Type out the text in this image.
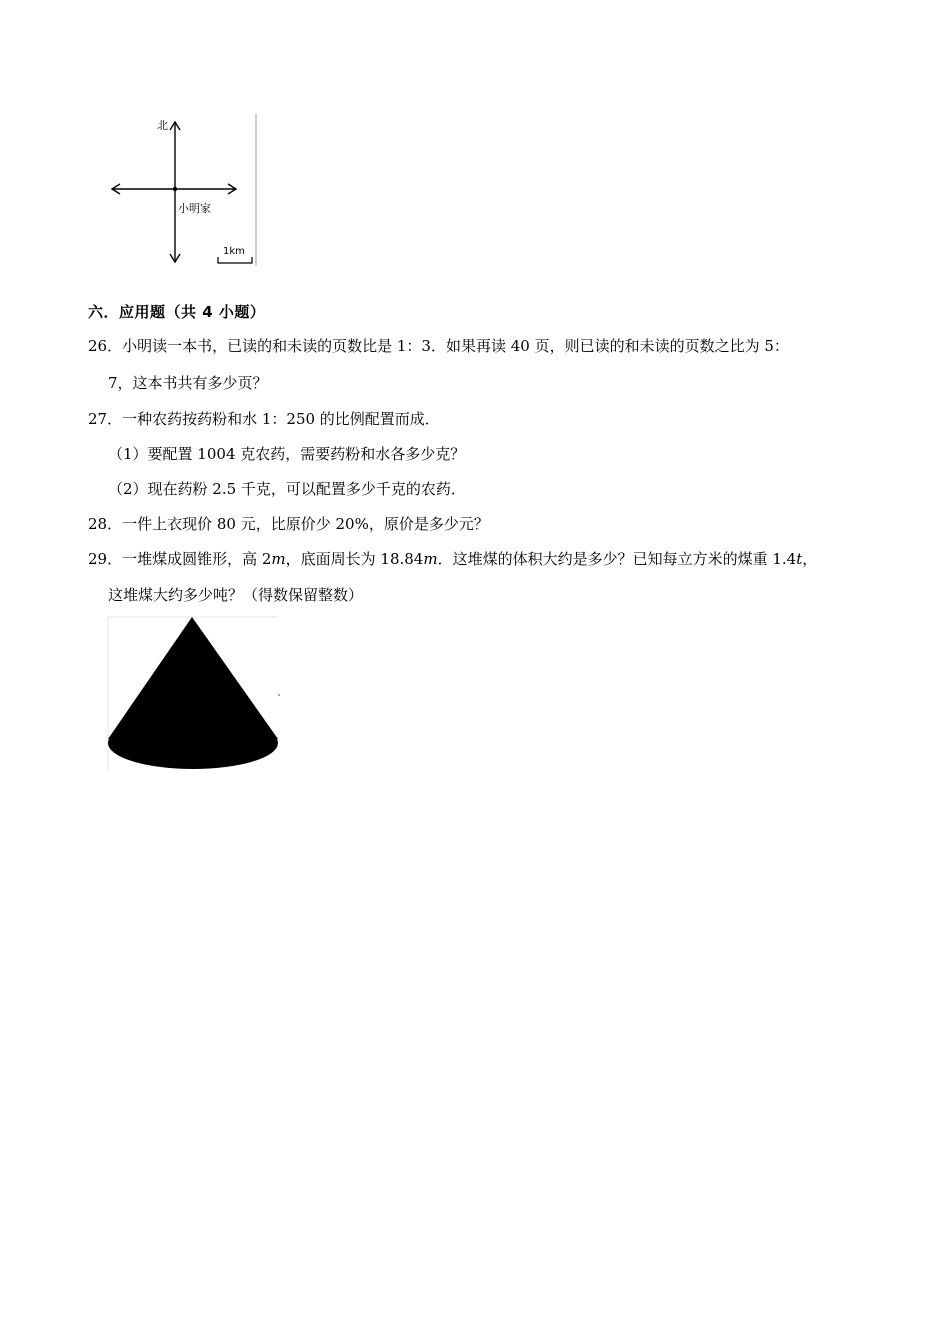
北
小明家
1km
六．应用题（共 4 小题）
26．小明读一本书，已读的和未读的页数比是 1：3．如果再读 40 页，则已读的和未读的页数之比为 5：
7，这本书共有多少页？
27．一种农药按药粉和水 1：250 的比例配置而成．
（1）要配置 1004 克农药，需要药粉和水各多少克？
（2）现在药粉 2.5 千克，可以配置多少千克的农药．
28．一件上衣现价 80 元，比原价少 20%，原价是多少元？
29．一堆煤成圆锥形，高 2m，底面周长为 18.84m．这堆煤的体积大约是多少？已知每立方米的煤重 1.4t，
这堆煤大约多少吨？（得数保留整数）
